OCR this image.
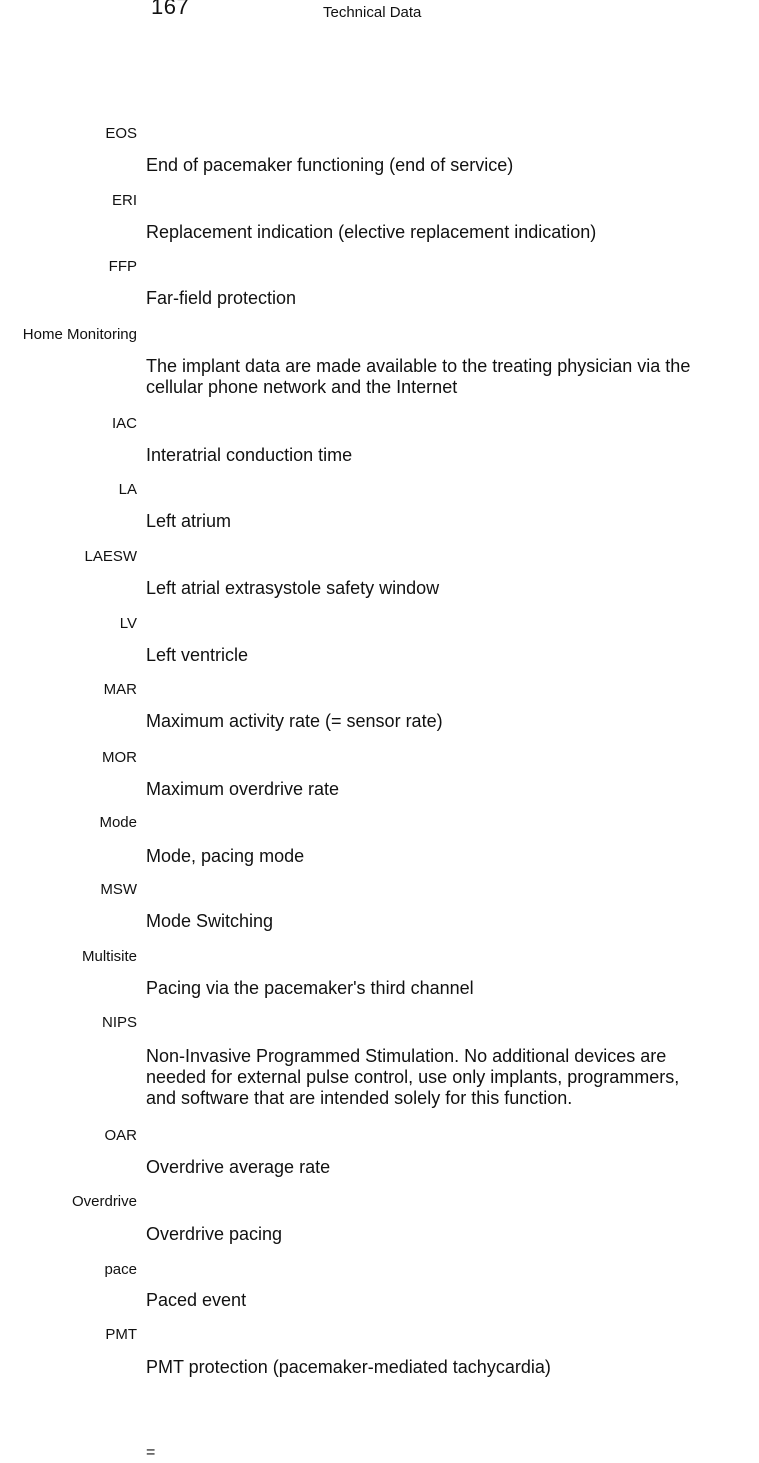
167	Technical Data
EOS
End of pacemaker functioning (end of service)
ERI
Replacement indication (elective replacement indication)
FFP
Far-field protection
Home Monitoring
The implant data are made available to the treating physician via the
cellular phone network and the Internet
IAC
Interatrial conduction time
LA
Left atrium
LAESW
Left atrial extrasystole safety window
LV
Left ventricle
MAR
Maximum activity rate (= sensor rate)
MOR
Maximum overdrive rate
Mode
Mode, pacing mode
MSW
Mode Switching
Multisite
Pacing via the pacemaker's third channel
NIPS
Non-Invasive Programmed Stimulation. No additional devices are
needed for external pulse control, use only implants, programmers,
and software that are intended solely for this function.
OAR
Overdrive average rate
Overdrive
Overdrive pacing
pace
Paced event
PMT
PMT protection (pacemaker-mediated tachycardia)
=
